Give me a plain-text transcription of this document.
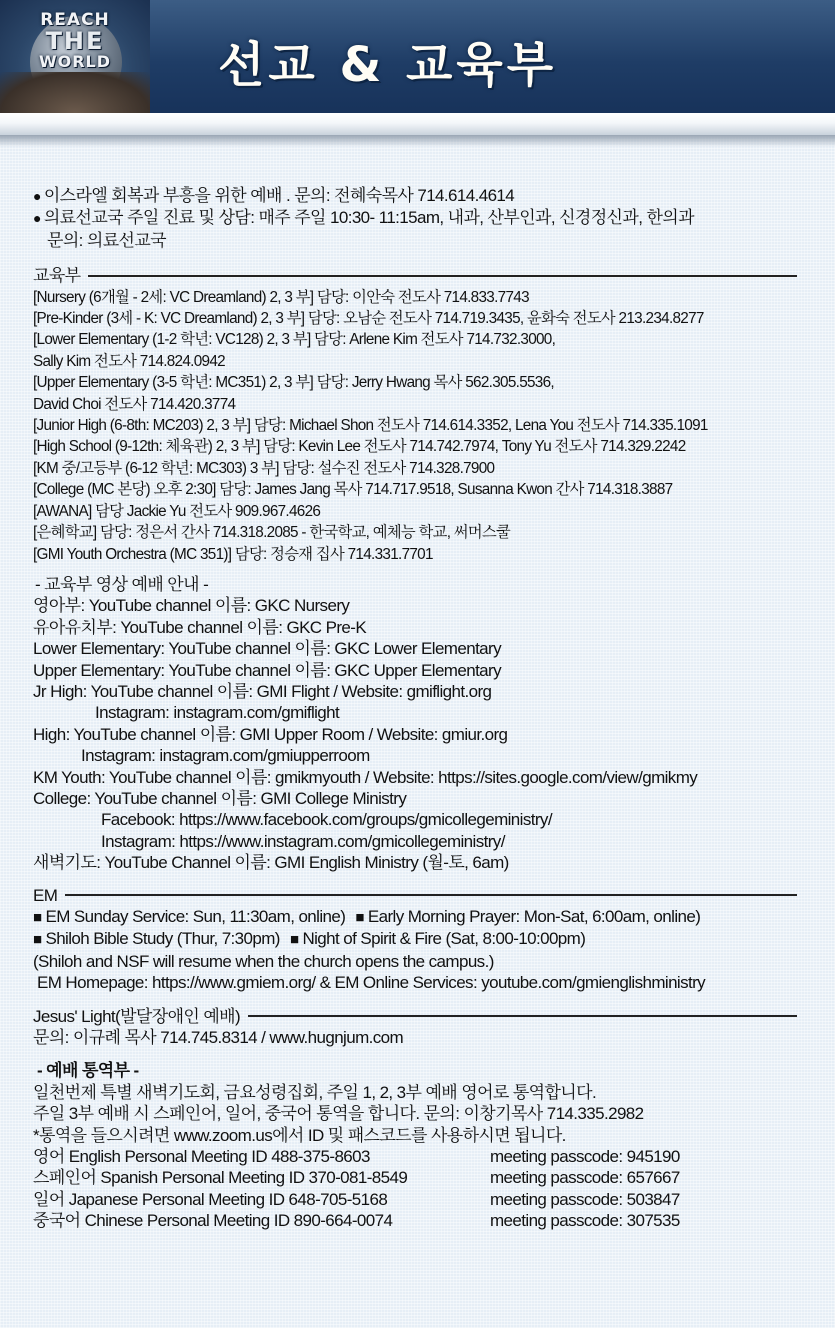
REACH
THE
WORLD	선교 & 교육부
● 이스라엘 회복과 부흥을 위한 예배 . 문의: 전혜숙목사 714.614.4614
● 의료선교국 주일 진료 및 상담: 매주 주일 10:30- 11:15am, 내과, 산부인과, 신경정신과, 한의과
문의: 의료선교국
교육부
[Nursery (6개월 - 2세: VC Dreamland) 2, 3 부] 담당: 이안숙 전도사 714.833.7743
[Pre-Kinder (3세 - K: VC Dreamland) 2, 3 부] 담당: 오남순 전도사 714.719.3435, 윤화숙 전도사 213.234.8277
[Lower Elementary (1-2 학년: VC128) 2, 3 부] 담당: Arlene Kim 전도사 714.732.3000,
Sally Kim 전도사 714.824.0942
[Upper Elementary (3-5 학년: MC351) 2, 3 부] 담당: Jerry Hwang 목사 562.305.5536,
David Choi 전도사 714.420.3774
[Junior High (6-8th: MC203) 2, 3 부] 담당: Michael Shon 전도사 714.614.3352, Lena You 전도사 714.335.1091
[High School (9-12th: 체육관) 2, 3 부] 담당: Kevin Lee 전도사 714.742.7974, Tony Yu 전도사 714.329.2242
[KM 중/고등부 (6-12 학년: MC303) 3 부] 담당: 설수진 전도사 714.328.7900
[College (MC 본당) 오후 2:30] 담당: James Jang 목사 714.717.9518, Susanna Kwon 간사 714.318.3887
[AWANA] 담당 Jackie Yu 전도사 909.967.4626
[은혜학교] 담당: 정은서 간사 714.318.2085 - 한국학교, 예체능 학교, 써머스쿨
[GMI Youth Orchestra (MC 351)] 담당: 정승재 집사 714.331.7701
- 교육부 영상 예배 안내 -
영아부: YouTube channel 이름: GKC Nursery
유아유치부: YouTube channel 이름: GKC Pre-K
Lower Elementary: YouTube channel 이름: GKC Lower Elementary
Upper Elementary: YouTube channel 이름: GKC Upper Elementary
Jr High: YouTube channel 이름: GMI Flight / Website: gmiflight.org
Instagram: instagram.com/gmiflight
High: YouTube channel 이름: GMI Upper Room / Website: gmiur.org
Instagram: instagram.com/gmiupperroom
KM Youth: YouTube channel 이름: gmikmyouth / Website: https://sites.google.com/view/gmikmy
College: YouTube channel 이름: GMI College Ministry
Facebook: https://www.facebook.com/groups/gmicollegeministry/
Instagram: https://www.instagram.com/gmicollegeministry/
새벽기도: YouTube Channel 이름: GMI English Ministry (월-토, 6am)
EM
■ EM Sunday Service: Sun, 11:30am, online) ■ Early Morning Prayer: Mon-Sat, 6:00am, online)
■ Shiloh Bible Study (Thur, 7:30pm) ■ Night of Spirit & Fire (Sat, 8:00-10:00pm)
(Shiloh and NSF will resume when the church opens the campus.)
EM Homepage: https://www.gmiem.org/ & EM Online Services: youtube.com/gmienglishministry
Jesus' Light(발달장애인 예배)
문의: 이규례 목사 714.745.8314 / www.hugnjum.com
- 예배 통역부 -
일천번제 특별 새벽기도회, 금요성령집회, 주일 1, 2, 3부 예배 영어로 통역합니다.
주일 3부 예배 시 스페인어, 일어, 중국어 통역을 합니다. 문의: 이창기목사 714.335.2982
*통역을 들으시려면 www.zoom.us에서 ID 및 패스코드를 사용하시면 됩니다.
영어 English Personal Meeting ID 488-375-8603	meeting passcode: 945190
스페인어 Spanish Personal Meeting ID 370-081-8549	meeting passcode: 657667
일어 Japanese Personal Meeting ID 648-705-5168	meeting passcode: 503847
중국어 Chinese Personal Meeting ID 890-664-0074	meeting passcode: 307535
